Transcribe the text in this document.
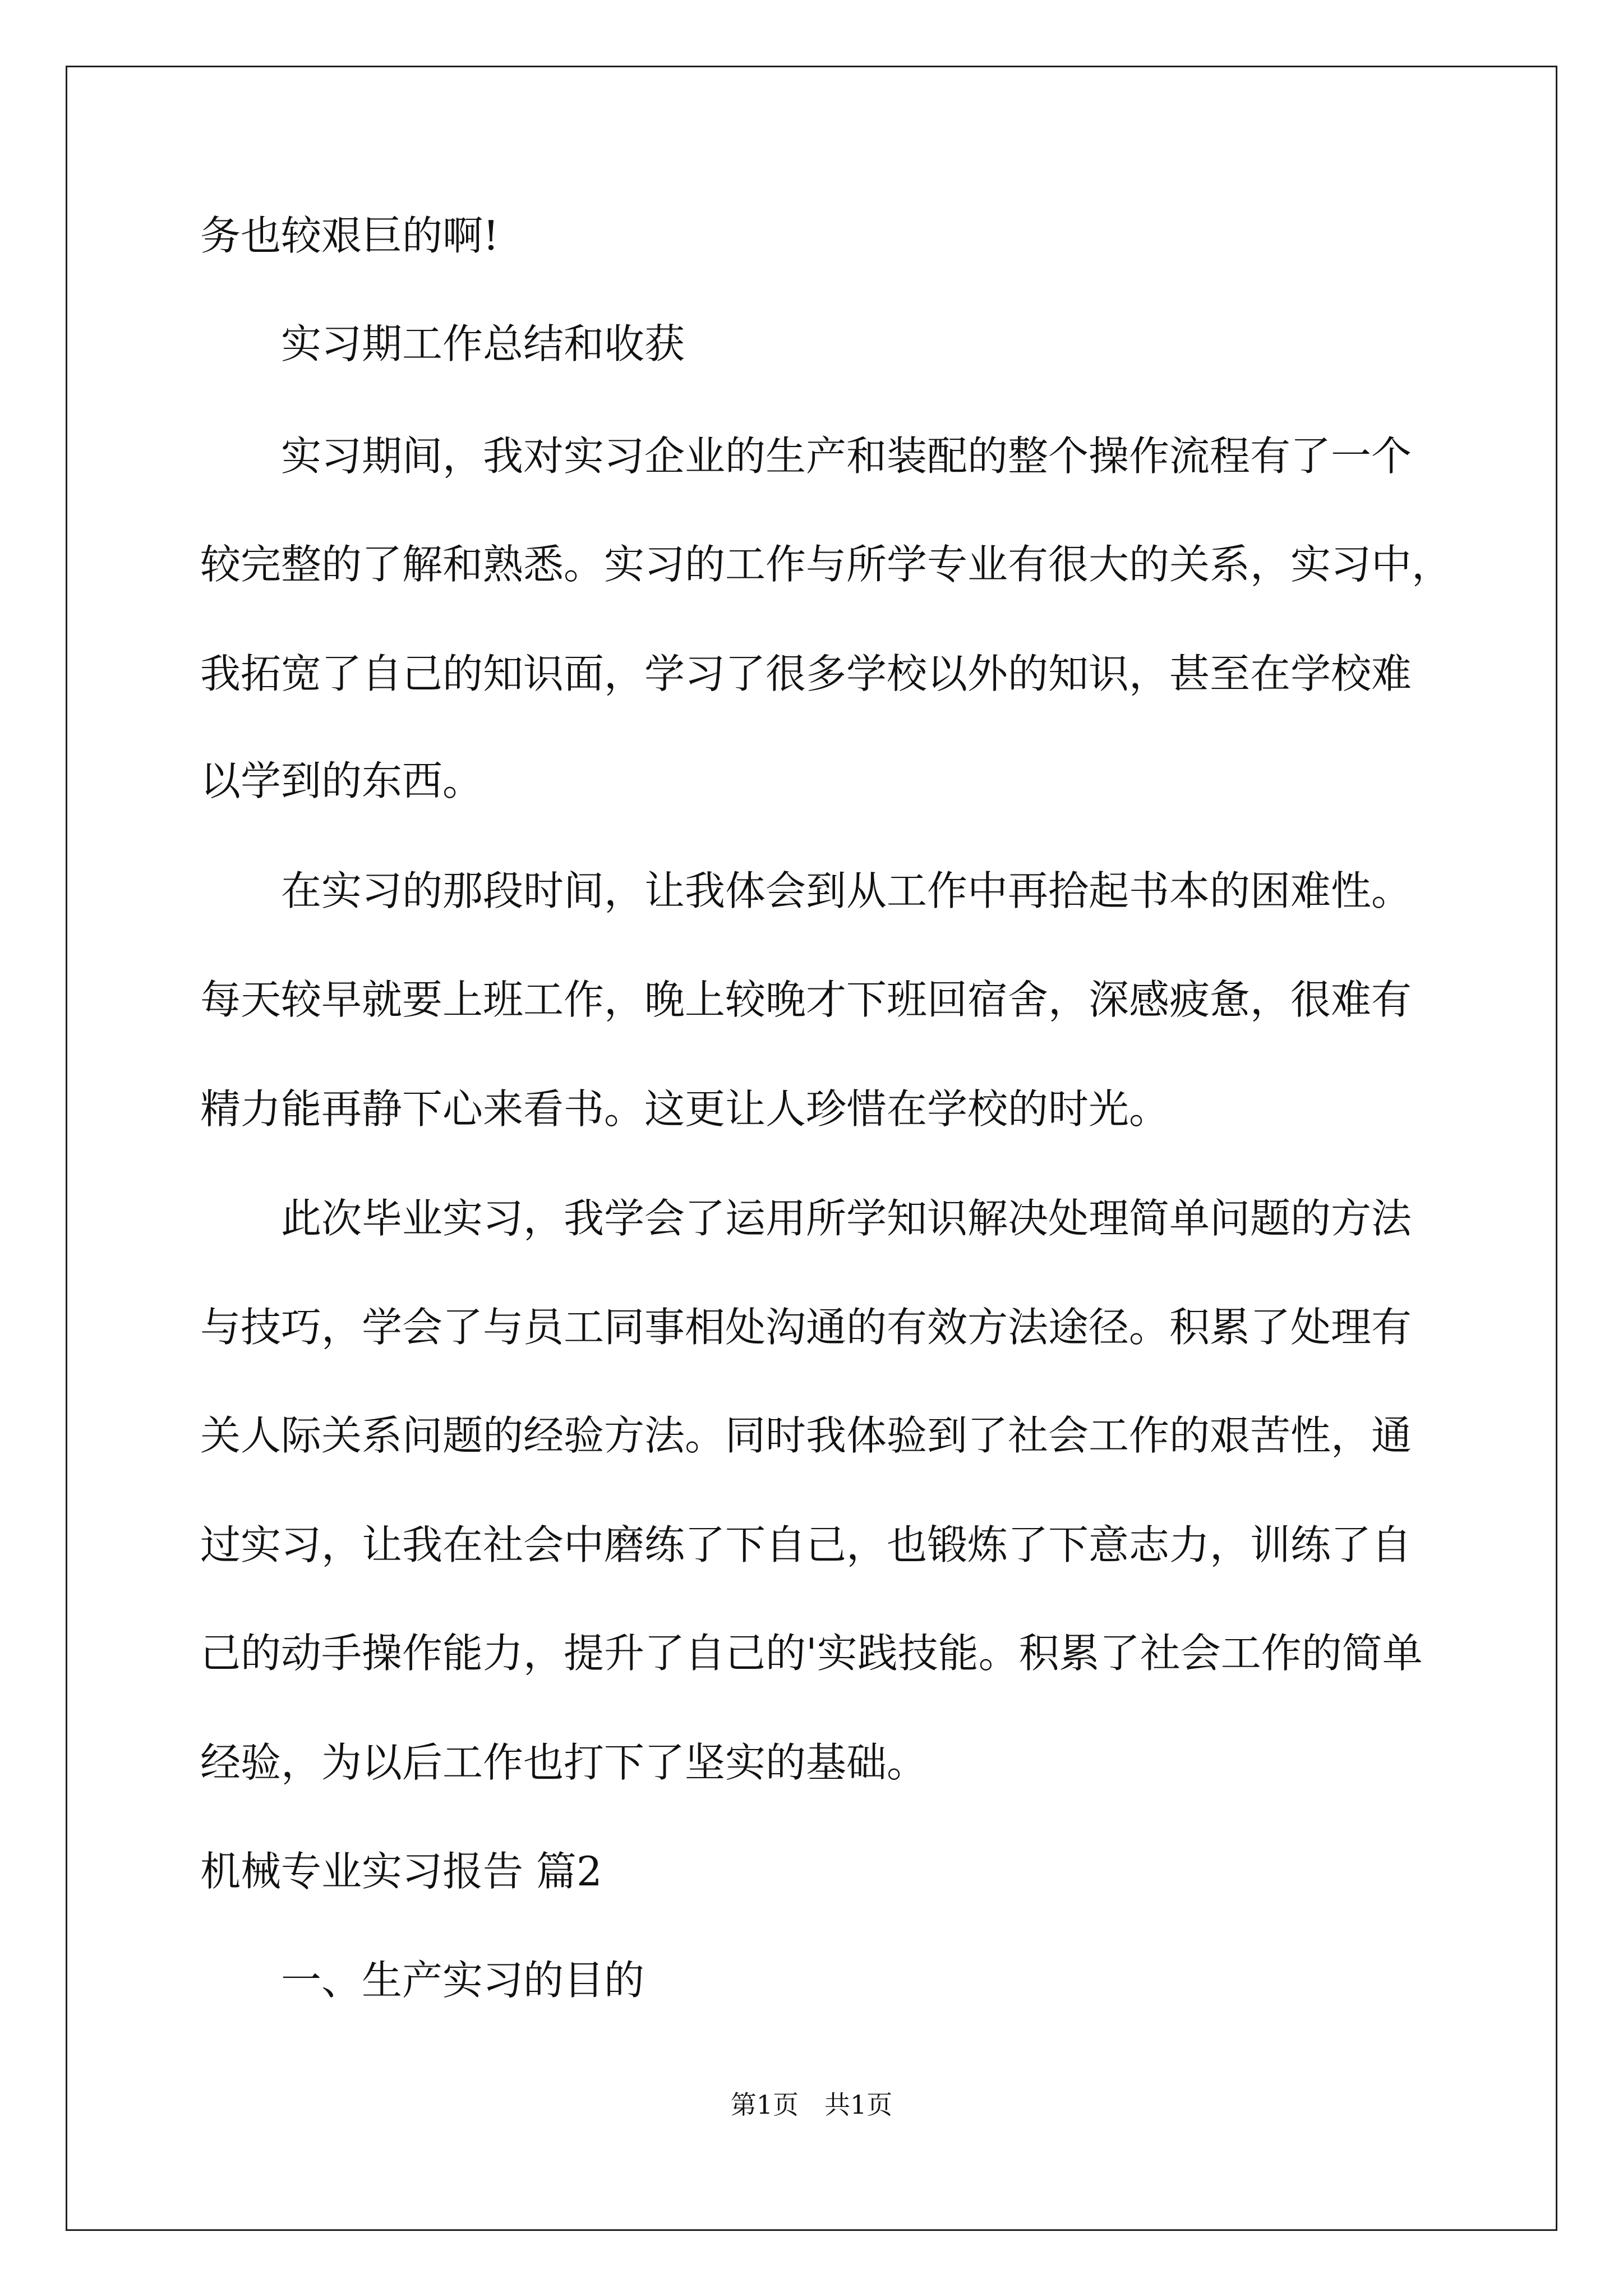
务也较艰巨的啊!
实习期工作总结和收获
实习期间，我对实习企业的生产和装配的整个操作流程有了一个
较完整的了解和熟悉。实习的工作与所学专业有很大的关系，实习中，
我拓宽了自己的知识面，学习了很多学校以外的知识，甚至在学校难
以学到的东西。
在实习的那段时间，让我体会到从工作中再拾起书本的困难性。
每天较早就要上班工作，晚上较晚才下班回宿舍，深感疲惫，很难有
精力能再静下心来看书。这更让人珍惜在学校的时光。
此次毕业实习，我学会了运用所学知识解决处理简单问题的方法
与技巧，学会了与员工同事相处沟通的有效方法途径。积累了处理有
关人际关系问题的经验方法。同时我体验到了社会工作的艰苦性，通
过实习，让我在社会中磨练了下自己，也锻炼了下意志力，训练了自
己的动手操作能力，提升了自己的'实践技能。积累了社会工作的简单
经验，为以后工作也打下了坚实的基础。
机械专业实习报告 篇2
一、生产实习的目的
第1页　共1页
